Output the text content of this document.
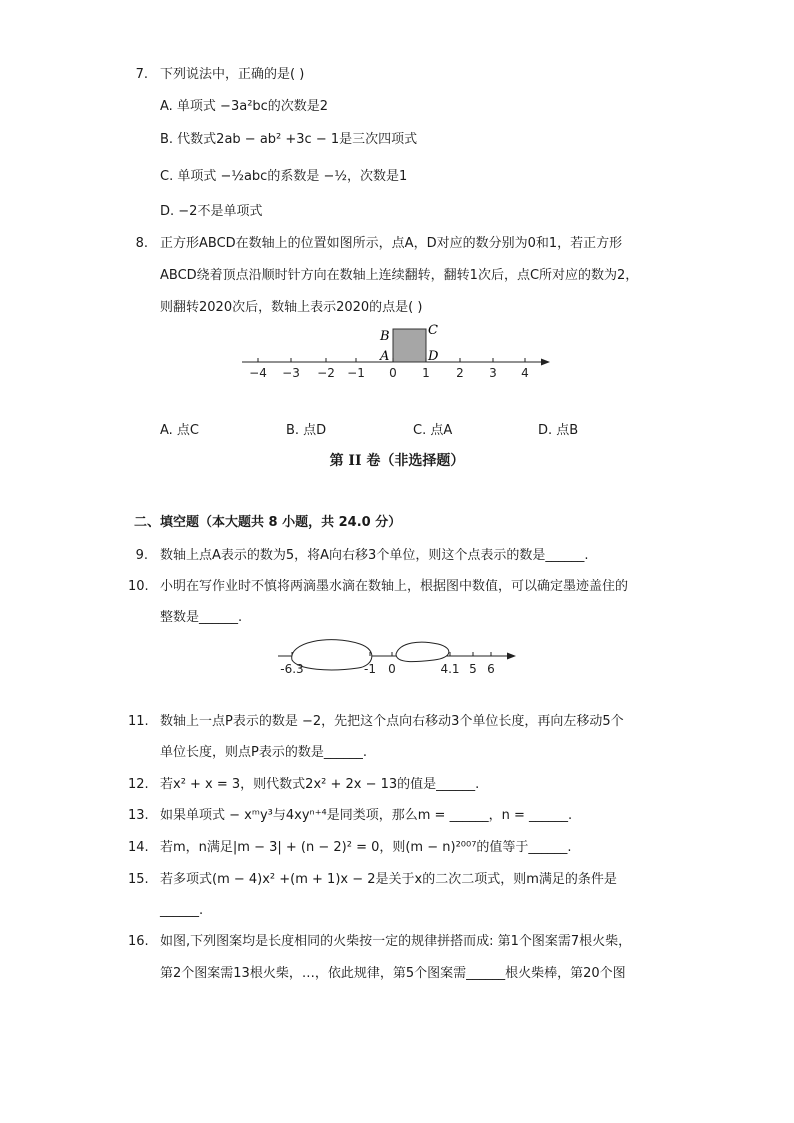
7. 下列说法中，正确的是( )
A. 单项式 −3a²bc的次数是2
B. 代数式2ab − ab² +3c − 1是三次四项式
C. 单项式 −½abc的系数是 −½，次数是1
D. −2不是单项式
8. 正方形ABCD在数轴上的位置如图所示，点A，D对应的数分别为0和1，若正方形
ABCD绕着顶点沿顺时针方向在数轴上连续翻转，翻转1次后，点C所对应的数为2，
则翻转2020次后，数轴上表示2020的点是( )
−4 −3 −2 −1 0 1 2 3 4
B	C
A	D
A. 点C	B. 点D	C. 点A	D. 点B
第 II 卷（非选择题）
二、填空题（本大题共 8 小题，共 24.0 分）
9. 数轴上点A表示的数为5，将A向右移3个单位，则这个点表示的数是______.
10. 小明在写作业时不慎将两滴墨水滴在数轴上，根据图中数值，可以确定墨迹盖住的
整数是______.
-6.3	-1 0	4.1 5 6
11. 数轴上一点P表示的数是 −2，先把这个点向右移动3个单位长度，再向左移动5个
单位长度，则点P表示的数是______.
12. 若x² + x = 3，则代数式2x² + 2x − 13的值是______.
13. 如果单项式 − xᵐy³与4xyⁿ⁺⁴是同类项，那么m = ______，n = ______.
14. 若m，n满足|m − 3| + (n − 2)² = 0，则(m − n)²⁰⁰⁷的值等于______.
15. 若多项式(m − 4)x² +(m + 1)x − 2是关于x的二次二项式，则m满足的条件是
______.
16. 如图,下列图案均是长度相同的火柴按一定的规律拼搭而成: 第1个图案需7根火柴，
第2个图案需13根火柴，…，依此规律，第5个图案需______根火柴棒，第20个图
